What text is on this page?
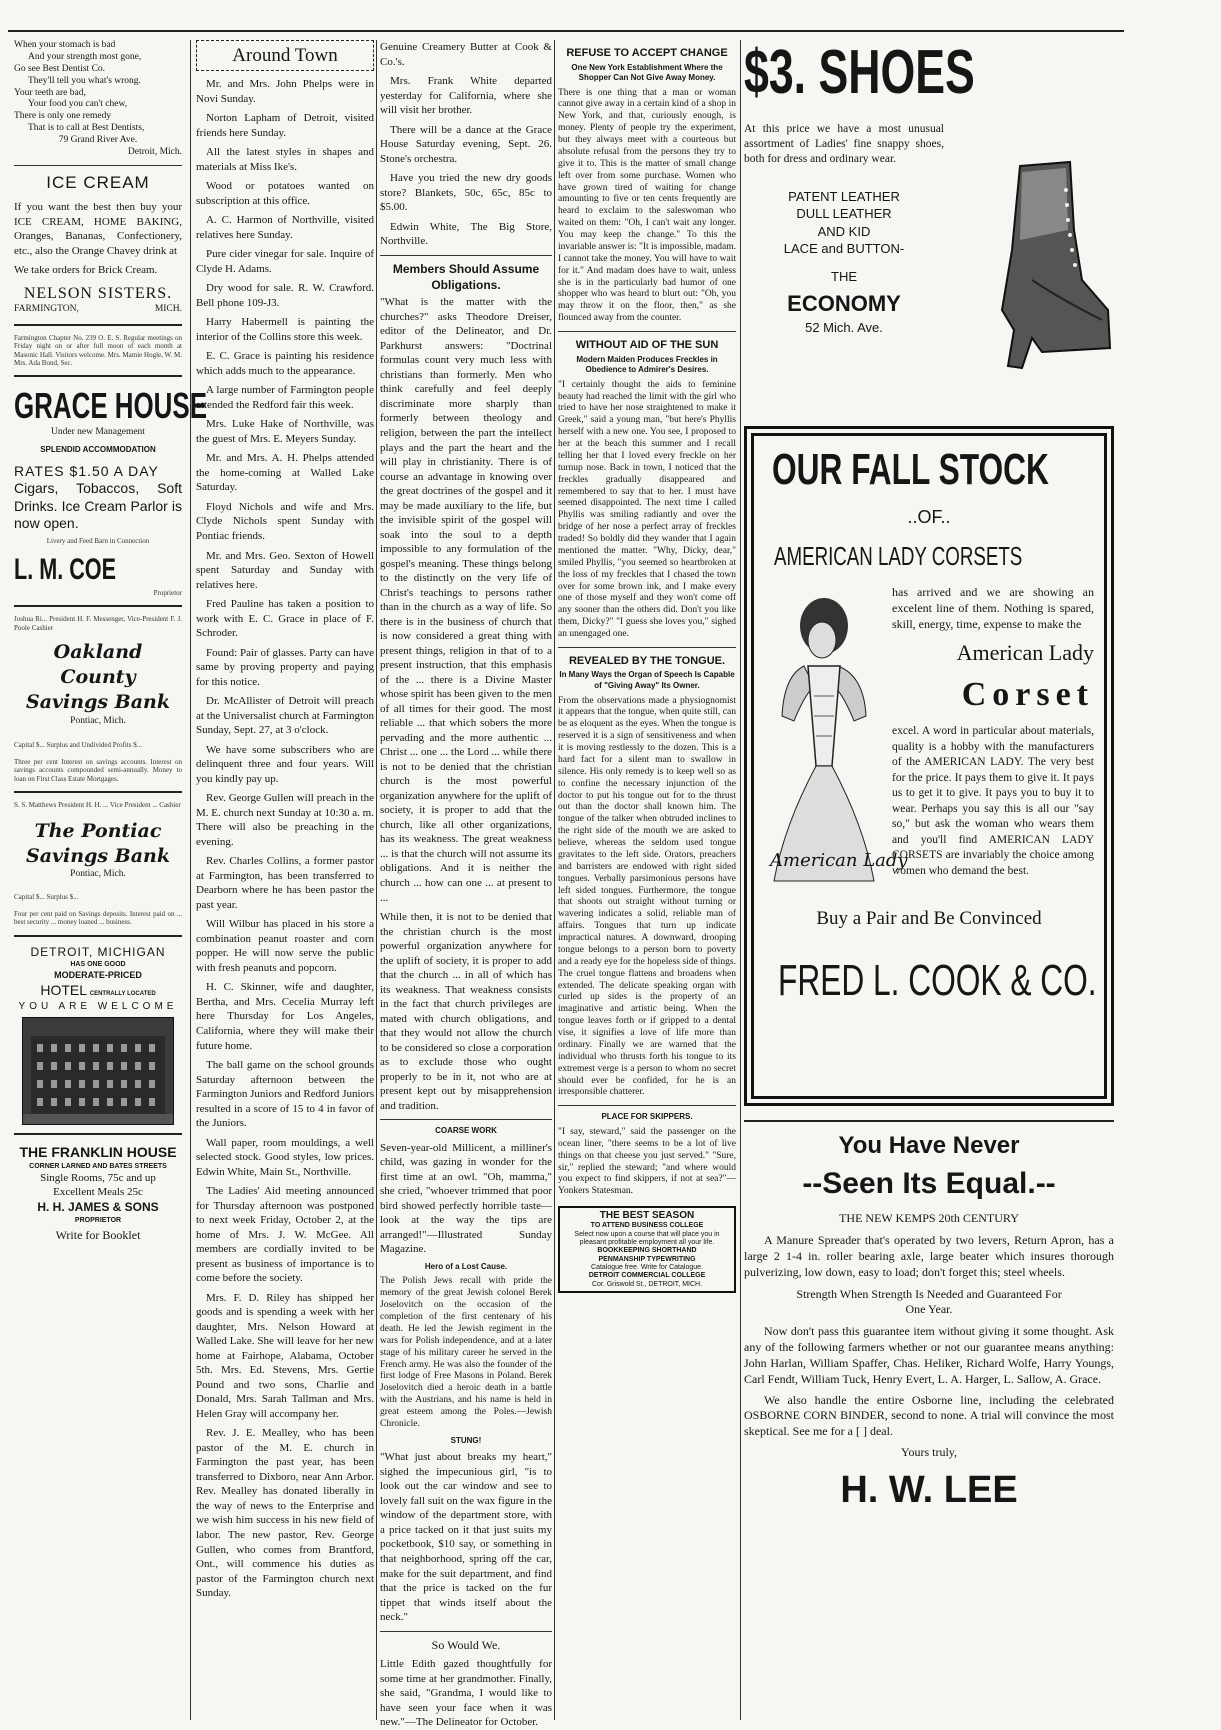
When your stomach is bad
And your strength most gone,
Go see Best Dentist Co.
They'll tell you what's wrong.
Your teeth are bad,
Your food you can't chew,
There is only one remedy
That is to call at Best Dentists,
79 Grand River Ave.
Detroit, Mich.
ICE CREAM

If you want the best then buy your ICE CREAM, HOME BAKING, Oranges, Bananas, Confectionery, etc., also the Orange Chavey drink at

We take orders for Brick Cream.

NELSON SISTERS.
FARMINGTON,	MICH.
Farmington Chapter No. 239 O. E. S. Regular meetings on Friday night on or after full moon of each month at Masonic Hall. Visitors welcome. Mrs. Mamie Hogle, W. M. Mrs. Ada Bond, Sec.
GRACE HOUSE
Under new Management
SPLENDID ACCOMMODATION
RATES $1.50 A DAY
Cigars, Tobaccos, Soft Drinks. Ice Cream Parlor is now open.
Livery and Feed Barn in Connection
L. M. COE
Proprietor
Joshua Ri... President H. F. Messenger, Vice-President F. J. Poole Cashier
Oakland County
Savings Bank
Pontiac, Mich.
Capital $... Surplus and Undivided Profits $...
Three per cent Interest on savings accounts. Interest on savings accounts compounded semi-annually. Money to loan on First Class Estate Mortgages.
S. S. Matthews President H. H. ... Vice President ... Cashier
The Pontiac
Savings Bank
Pontiac, Mich.
Capital $... Surplus $...
Four per cent paid on Savings deposits. Interest paid on ... best security ... money loaned ... business.
DETROIT, MICHIGAN
HAS ONE GOOD
MODERATE-PRICED
HOTEL CENTRALLY LOCATED
YOU ARE WELCOME
THE FRANKLIN HOUSE
CORNER LARNED AND BATES STREETS
Single Rooms, 75c and up
Excellent Meals 25c
H. H. JAMES & SONS
PROPRIETOR
Write for Booklet
Around Town

Mr. and Mrs. John Phelps were in Novi Sunday.

Norton Lapham of Detroit, visited friends here Sunday.

All the latest styles in shapes and materials at Miss Ike's.

Wood or potatoes wanted on subscription at this office.

A. C. Harmon of Northville, visited relatives here Sunday.

Pure cider vinegar for sale. Inquire of Clyde H. Adams.

Dry wood for sale. R. W. Crawford. Bell phone 109-J3.

Harry Habermell is painting the interior of the Collins store this week.

E. C. Grace is painting his residence which adds much to the appearance.

A large number of Farmington people attended the Redford fair this week.

Mrs. Luke Hake of Northville, was the guest of Mrs. E. Meyers Sunday.

Mr. and Mrs. A. H. Phelps attended the home-coming at Walled Lake Saturday.

Floyd Nichols and wife and Mrs. Clyde Nichols spent Sunday with Pontiac friends.

Mr. and Mrs. Geo. Sexton of Howell spent Saturday and Sunday with relatives here.

Fred Pauline has taken a position to work with E. C. Grace in place of F. Schroder.

Found: Pair of glasses. Party can have same by proving property and paying for this notice.

Dr. McAllister of Detroit will preach at the Universalist church at Farmington Sunday, Sept. 27, at 3 o'clock.

We have some subscribers who are delinquent three and four years. Will you kindly pay up.

Rev. George Gullen will preach in the M. E. church next Sunday at 10:30 a. m. There will also be preaching in the evening.

Rev. Charles Collins, a former pastor at Farmington, has been transferred to Dearborn where he has been pastor the past year.

Will Wilbur has placed in his store a combination peanut roaster and corn popper. He will now serve the public with fresh peanuts and popcorn.

H. C. Skinner, wife and daughter, Bertha, and Mrs. Cecelia Murray left here Thursday for Los Angeles, California, where they will make their future home.

The ball game on the school grounds Saturday afternoon between the Farmington Juniors and Redford Juniors resulted in a score of 15 to 4 in favor of the Juniors.

Wall paper, room mouldings, a well selected stock. Good styles, low prices. Edwin White, Main St., Northville.

The Ladies' Aid meeting announced for Thursday afternoon was postponed to next week Friday, October 2, at the home of Mrs. J. W. McGee. All members are cordially invited to be present as business of importance is to come before the society.

Mrs. F. D. Riley has shipped her goods and is spending a week with her daughter, Mrs. Nelson Howard at Walled Lake. She will leave for her new home at Fairhope, Alabama, October 5th. Mrs. Ed. Stevens, Mrs. Gertie Pound and two sons, Charlie and Donald, Mrs. Sarah Tallman and Mrs. Helen Gray will accompany her.

Rev. J. E. Mealley, who has been pastor of the M. E. church in Farmington the past year, has been transferred to Dixboro, near Ann Arbor. Rev. Mealley has donated liberally in the way of news to the Enterprise and we wish him success in his new field of labor. The new pastor, Rev. George Gullen, who comes from Brantford, Ont., will commence his duties as pastor of the Farmington church next Sunday.

Genuine Creamery Butter at Cook & Co.'s.

Mrs. Frank White departed yesterday for California, where she will visit her brother.

There will be a dance at the Grace House Saturday evening, Sept. 26. Stone's orchestra.

Have you tried the new dry goods store? Blankets, 50c, 65c, 85c to $5.00.

Edwin White, The Big Store, Northville.

Members Should Assume Obligations.

"What is the matter with the churches?" asks Theodore Dreiser, editor of the Delineator, and Dr. Parkhurst answers: "Doctrinal formulas count very much less with christians than formerly. Men who think carefully and feel deeply discriminate more sharply than formerly between theology and religion, between the part the intellect plays and the part the heart and the will play in christianity. There is of course an advantage in knowing over the great doctrines of the gospel and it may be made auxiliary to the life, but the invisible spirit of the gospel will soak into the soul to a depth impossible to any formulation of the gospel's meaning. These things belong to the distinctly on the very life of Christ's teachings to persons rather than in the church as a way of life. So there is in the business of church that is now considered a great thing with present things, religion in that of to a present instruction, that this emphasis of the ... there is a Divine Master whose spirit has been given to the men of all times for their good. The most reliable ... that which sobers the more pervading and the more authentic ... Christ ... one ... the Lord ... while there is not to be denied that the christian church is the most powerful organization anywhere for the uplift of society, it is proper to add that the church, like all other organizations, has its weakness. The great weakness ... is that the church will not assume its obligations. And it is neither the church ... how can one ... at present to ...

While then, it is not to be denied that the christian church is the most powerful organization anywhere for the uplift of society, it is proper to add that the church ... in all of which has its weakness. That weakness consists in the fact that church privileges are mated with church obligations, and that they would not allow the church to be considered so close a corporation as to exclude those who ought properly to be in it, not who are at present kept out by misapprehension and tradition.

COARSE WORK

Seven-year-old Millicent, a milliner's child, was gazing in wonder for the first time at an owl. "Oh, mamma," she cried, "whoever trimmed that poor bird showed perfectly horrible taste—look at the way the tips are arranged!"—Illustrated Sunday Magazine.

Hero of a Lost Cause.

The Polish Jews recall with pride the memory of the great Jewish colonel Berek Joselovitch on the occasion of the completion of the first centenary of his death. He led the Jewish regiment in the wars for Polish independence, and at a later stage of his military career he served in the French army. He was also the founder of the first lodge of Free Masons in Poland. Berek Joselovitch died a heroic death in a battle with the Austrians, and his name is held in great esteem among the Poles.—Jewish Chronicle.

STUNG!

"What just about breaks my heart," sighed the impecunious girl, "is to look out the car window and see to lovely fall suit on the wax figure in the window of the department store, with a price tacked on it that just suits my pocketbook, $10 say, or something in that neighborhood, spring off the car, make for the suit department, and find that the price is tacked on the fur tippet that winds itself about the neck."

So Would We.

Little Edith gazed thoughtfully for some time at her grandmother. Finally, she said, "Grandma, I would like to have seen your face when it was new."—The Delineator for October.

REFUSE TO ACCEPT CHANGE
One New York Establishment Where the Shopper Can Not Give Away Money.

There is one thing that a man or woman cannot give away in a certain kind of a shop in New York, and that, curiously enough, is money. Plenty of people try the experiment, but they always meet with a courteous but absolute refusal from the persons they try to give it to. This is the matter of small change left over from some purchase. Women who have grown tired of waiting for change amounting to five or ten cents frequently are heard to exclaim to the saleswoman who waited on them: "Oh, I can't wait any longer. You may keep the change." To this the invariable answer is: "It is impossible, madam. I cannot take the money. You will have to wait for it." And madam does have to wait, unless she is in the particularly bad humor of one shopper who was heard to blurt out: "Oh, you may throw it on the floor, then," as she flounced away from the counter.

WITHOUT AID OF THE SUN
Modern Maiden Produces Freckles in Obedience to Admirer's Desires.

"I certainly thought the aids to feminine beauty had reached the limit with the girl who tried to have her nose straightened to make it Greek," said a young man, "but here's Phyllis herself with a new one. You see, I proposed to her at the beach this summer and I recall telling her that I loved every freckle on her turnup nose. Back in town, I noticed that the freckles gradually disappeared and remembered to say that to her. I must have seemed disappointed. The next time I called Phyllis was smiling radiantly and over the bridge of her nose a perfect array of freckles traded! So boldly did they wander that I again mentioned the matter. "Why, Dicky, dear," smiled Phyllis, "you seemed so heartbroken at the loss of my freckles that I chased the town over for some brown ink, and I make every one of those myself and they won't come off any sooner than the others did. Don't you like them, Dicky?" "I guess she loves you," sighed an unengaged one.

REVEALED BY THE TONGUE.
In Many Ways the Organ of Speech Is Capable of "Giving Away" Its Owner.

From the observations made a physiognomist it appears that the tongue, when quite still, can be as eloquent as the eyes. When the tongue is reserved it is a sign of sensitiveness and when it is moving restlessly to the dozen. This is a hard fact for a silent man to swallow in silence. His only remedy is to keep well so as to confine the necessary injunction of the doctor to put his tongue out for to the thrust out than the doctor shall known him. The tongue of the talker when obtruded inclines to the right side of the mouth we are asked to believe, whereas the seldom used tongue gravitates to the left side. Orators, preachers and barristers are endowed with right sided tongues. Verbally parsimonious persons have left sided tongues. Furthermore, the tongue that shoots out straight without turning or wavering indicates a solid, reliable man of affairs. Tongues that turn up indicate impractical natures. A downward, drooping tongue belongs to a person born to poverty and a ready eye for the hopeless side of things. The cruel tongue flattens and broadens when extended. The delicate speaking organ with curled up sides is the property of an imaginative and artistic being. When the tongue leaves forth or if gripped to a dental vise, it signifies a love of life more than ordinary. Finally we are warned that the individual who thrusts forth his tongue to its extremest verge is a person to whom no secret should ever be confided, for he is an irresponsible chatterer.

PLACE FOR SKIPPERS.

"I say, steward," said the passenger on the ocean liner, "there seems to be a lot of live things on that cheese you just served." "Sure, sir," replied the steward; "and where would you expect to find skippers, if not at sea?"—Yonkers Statesman.

THE BEST SEASON
TO ATTEND BUSINESS COLLEGE
Select now upon a course that will place you in pleasant profitable employment all your life.
BOOKKEEPING SHORTHAND
PENMANSHIP TYPEWRITING
Catalogue free. Write for Catalogue.
DETROIT COMMERCIAL COLLEGE
Cor. Griswold St., DETROIT, MICH.
$3. SHOES

At this price we have a most unusual assortment of Ladies' fine snappy shoes, both for dress and ordinary wear.

PATENT LEATHER
DULL LEATHER
AND KID
LACE and BUTTON-
THE
ECONOMY
52 Mich. Ave.
OUR FALL STOCK
..OF..
AMERICAN LADY CORSETS
American Lady

has arrived and we are showing an excelent line of them. Nothing is spared, skill, energy, time, expense to make the

American Lady
Corset

excel. A word in particular about materials, quality is a hobby with the manufacturers of the AMERICAN LADY. The very best for the price. It pays them to give it. It pays us to get it to give. It pays you to buy it to wear. Perhaps you say this is all our "say so," but ask the woman who wears them and you'll find AMERICAN LADY CORSETS are invariably the choice among women who demand the best.

Buy a Pair and Be Convinced
FRED L. COOK & CO.
You Have Never
--Seen Its Equal.--
THE NEW KEMPS 20th CENTURY

A Manure Spreader that's operated by two levers, Return Apron, has a large 2 1-4 in. roller bearing axle, large beater which insures thorough pulverizing, low down, easy to load; don't forget this; steel wheels.

Strength When Strength Is Needed and Guaranteed For One Year.

Now don't pass this guarantee item without giving it some thought. Ask any of the following farmers whether or not our guarantee means anything: John Harlan, William Spaffer, Chas. Heliker, Richard Wolfe, Harry Youngs, Carl Fendt, William Tuck, Henry Evert, L. A. Harger, L. Sallow, A. Grace.

We also handle the entire Osborne line, including the celebrated OSBORNE CORN BINDER, second to none. A trial will convince the most skeptical. See me for a [ ] deal.

Yours truly,
H. W. LEE
